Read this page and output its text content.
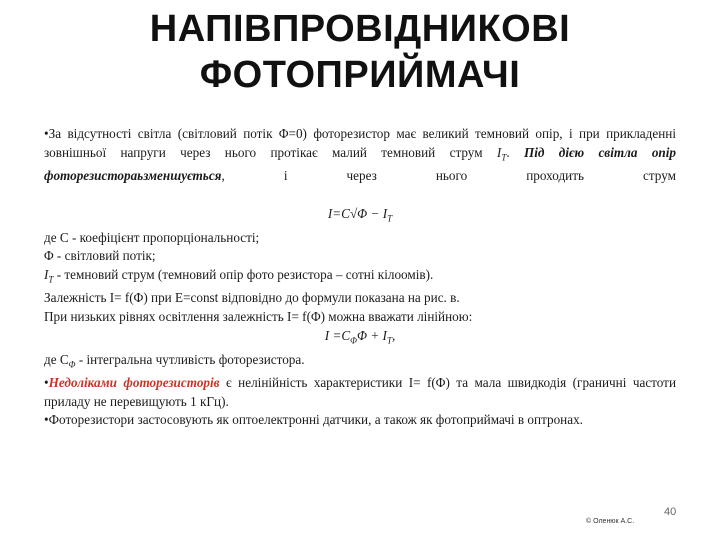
НАПІВПРОВІДНИКОВІ
ФОТОПРИЙМАЧІ

•За відсутності світла (світловий потік Φ=0) фоторезистор має великий темновий опір, і при прикладенні зовнішньої напруги через нього протікає малий темновий струм $I_Т$. Під дією світла опір фоторезистораьзменшується, і через нього проходить струм

$I=C√\Phi - I_T$

де С - коефіцієнт пропорціональності;

Φ - світловий потік;

$I_T$ - темновий струм (темновий опір фото резистора – сотні кілоомів).

Залежність I= f(Φ) при E=const відповідно до формули показана на рис. в.

При низьких рівнях освітлення залежність I= f(Φ) можна вважати лінійною:

$I =C_\Phi\Phi + I_T$,

де $C_\Phi$ - інтегральна чутливість фоторезистора.

•Недоліками фоторезисторів є нелінійність характеристики I= f(Φ) та мала швидкодія (граничні частоти приладу не перевищують 1 кГц).

•Фоторезистори застосовують як оптоелектронні датчики, а також як фотоприймачі в оптронах.

© Оленюк А.С.
40
